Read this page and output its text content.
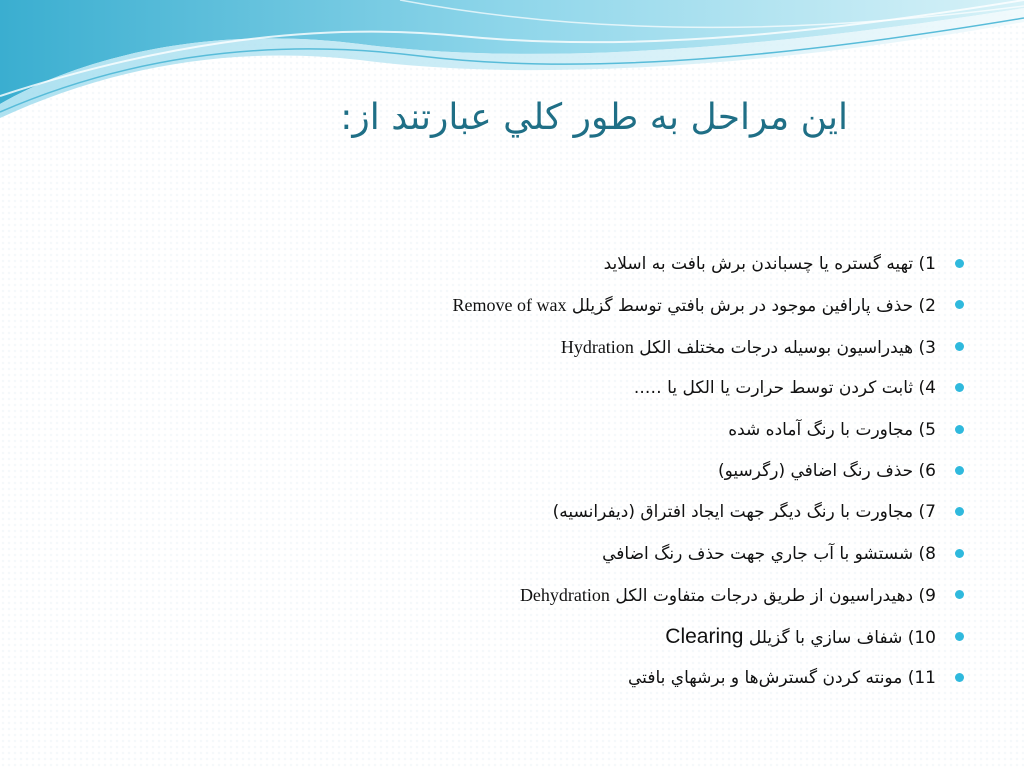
اين مراحل به طور كلي عبارتند از:
1) تهيه گستره يا چسباندن برش بافت به اسلايد
2) حذف پارافين موجود در برش بافتي توسط گزيلل Remove of wax
3) هيدراسيون بوسيله درجات مختلف الكل Hydration
4) ثابت كردن توسط حرارت يا الكل يا …..
5) مجاورت با رنگ آماده شده
6) حذف رنگ اضافي (رگرسيو)
7) مجاورت با رنگ ديگر جهت ايجاد افتراق (ديفرانسيه)
8) شستشو با آب جاري جهت حذف رنگ اضافي
9) دهيدراسيون از طريق درجات متفاوت الكل Dehydration
10) شفاف سازي با گزيلل Clearing
11) مونته كردن گسترش‌ها و برشهاي بافتي
